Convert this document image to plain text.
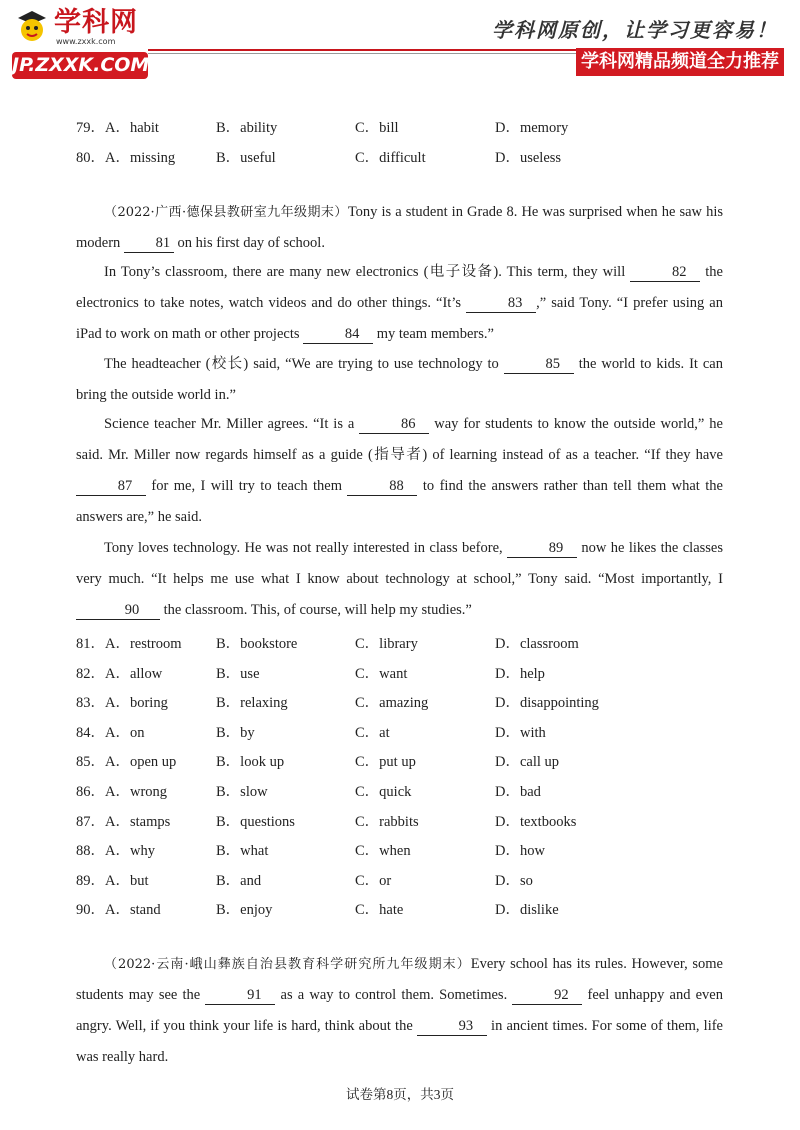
学科网
www.zxxk.com
JP.ZXXK.COM
学科网原创，让学习更容易！
学科网精品频道全力推荐
79．A．habit	B．ability	C．bill	D．memory
80．A．missing	B．useful	C．difficult	D．useless
（2022·广西·德保县教研室九年级期末）Tony is a student in Grade 8. He was surprised when he saw his modern 81 on his first day of school.
In Tony’s classroom, there are many new electronics (电子设备). This term, they will	82 the electronics to take notes, watch videos and do other things. “It’s	83 ,” said Tony. “I prefer using an iPad to work on math or other projects	84 my team members.”
The headteacher (校长) said, “We are trying to use technology to	85 the world to kids. It can bring the outside world in.”
Science teacher Mr. Miller agrees. “It is a	86 way for students to know the outside world,” he said. Mr. Miller now regards himself as a guide (指导者) of learning instead of as a teacher. “If they have 87 for me, I will try to teach them	88 to find the answers rather than tell them what the answers are,” he said.
Tony loves technology. He was not really interested in class before,	89 now he likes the classes very much. “It helps me use what I know about technology at school,” Tony said. “Most importantly, I 90 the classroom. This, of course, will help my studies.”
81．A．restroom B．bookstore	C．library	D．classroom
82．A．allow	B．use	C．want	D．help
83．A．boring	B．relaxing	C．amazing	D．disappointing
84．A．on	B．by	C．at	D．with
85．A．open up	B．look up	C．put up	D．call up
86．A．wrong	B．slow	C．quick	D．bad
87．A．stamps	B．questions	C．rabbits	D．textbooks
88．A．why	B．what	C．when	D．how
89．A．but	B．and	C．or	D．so
90．A．stand	B．enjoy	C．hate	D．dislike
（2022·云南·峨山彝族自治县教育科学研究所九年级期末）Every school has its rules. However, some students may see the	91 as a way to control them. Sometimes.	92 feel unhappy and even angry. Well, if you think your life is hard, think about the	93 in ancient times. For some of them, life was really hard.
试卷第8页，共3页
